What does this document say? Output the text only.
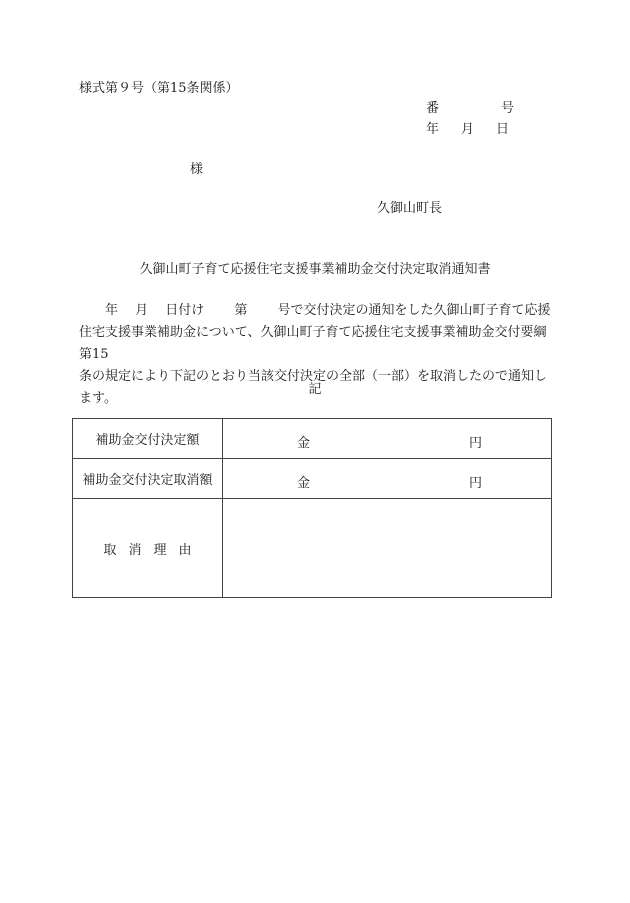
様式第９号（第15条関係）
番	号
年 月 日
様
久御山町長
久御山町子育て応援住宅支援事業補助金交付決定取消通知書

年　 月　 日付け　　 第　　 号で交付決定の通知をした久御山町子育て応援

住宅支援事業補助金について、久御山町子育て応援住宅支援事業補助金交付要綱第15

条の規定により下記のとおり当該交付決定の全部（一部）を取消したので通知します。

記
補助金交付決定額	金 円

補助金交付決定取消額	金 円

取消理由	
